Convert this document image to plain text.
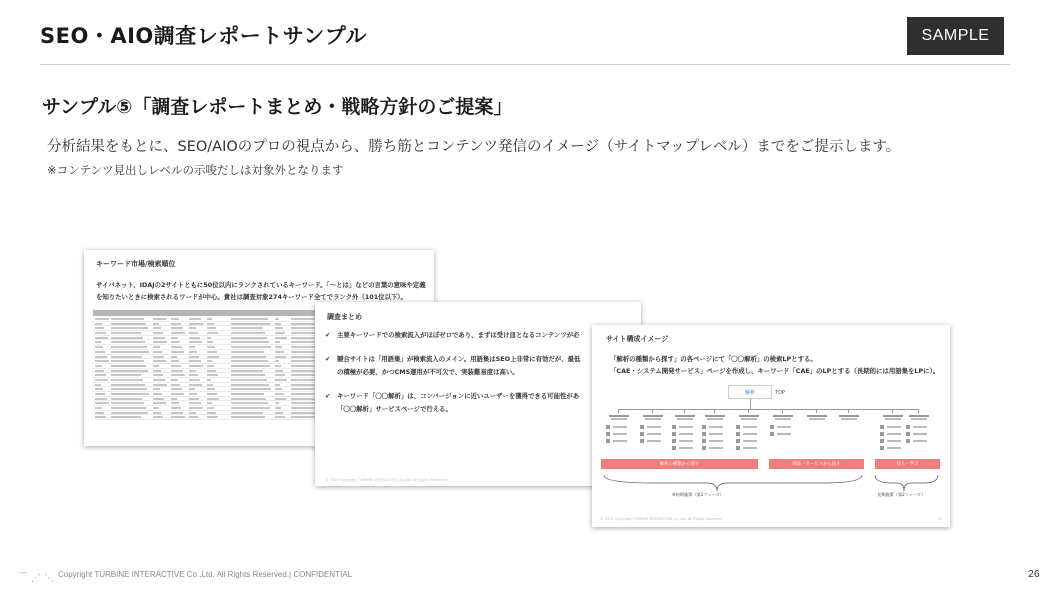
SEO・AIO調査レポートサンプル	SAMPLE
サンプル⑤「調査レポートまとめ・戦略方針のご提案」
分析結果をもとに、SEO/AIOのプロの視点から、勝ち筋とコンテンツ発信のイメージ（サイトマップレベル）までをご提示します。
※コンテンツ見出しレベルの示唆だしは対象外となります
キーワード市場/検索順位
サイバネット、IDAJの2サイトともに50位以内にランクされているキーワード。「〜とは」などの言葉の意味や定義
を知りたいときに検索されるワードが中心。貴社は調査対象274キーワード全てでランク外（101位以下）。
調査まとめ
✔ 主要キーワードでの検索流入がほぼゼロであり、まずは受け皿となるコンテンツが必
✔ 競合サイトは「用語集」が検索流入のメイン。用語集はSEO上非常に有効だが、最低
の積極が必要、かつCMS運用が不可欠で、実装難易度は高い。
✔ キーワード「〇〇解析」は、コンバージョンに近いユーザーを獲得できる可能性があ
「〇〇解析」サービスページで行える。
© 2024 Copyright TURBINE INTERACTIVE Co.,Ltd. All Rights Reserved.
サイト構成イメージ
「解析の種類から探す」の各ページにて「〇〇解析」の検索LPとする。
「CAE・システム開発サービス」ページを作成し、キーワード「CAE」のLPとする（長期的には用語集をLPに）。
解析	TOP
解析の種類から探す	商品・サービスから探す	知る・学ぶ
※初期施策（第1フェーズ）	長期施策（第2フェーズ）
© 2024 Copyright TURBINE INTERACTIVE Co.,Ltd. All Rights Reserved.	26
⌒⋰⋱ Copyright TURBINE INTERACTIVE Co.,Ltd. All Rights Reserved.| CONFIDENTIAL	26
